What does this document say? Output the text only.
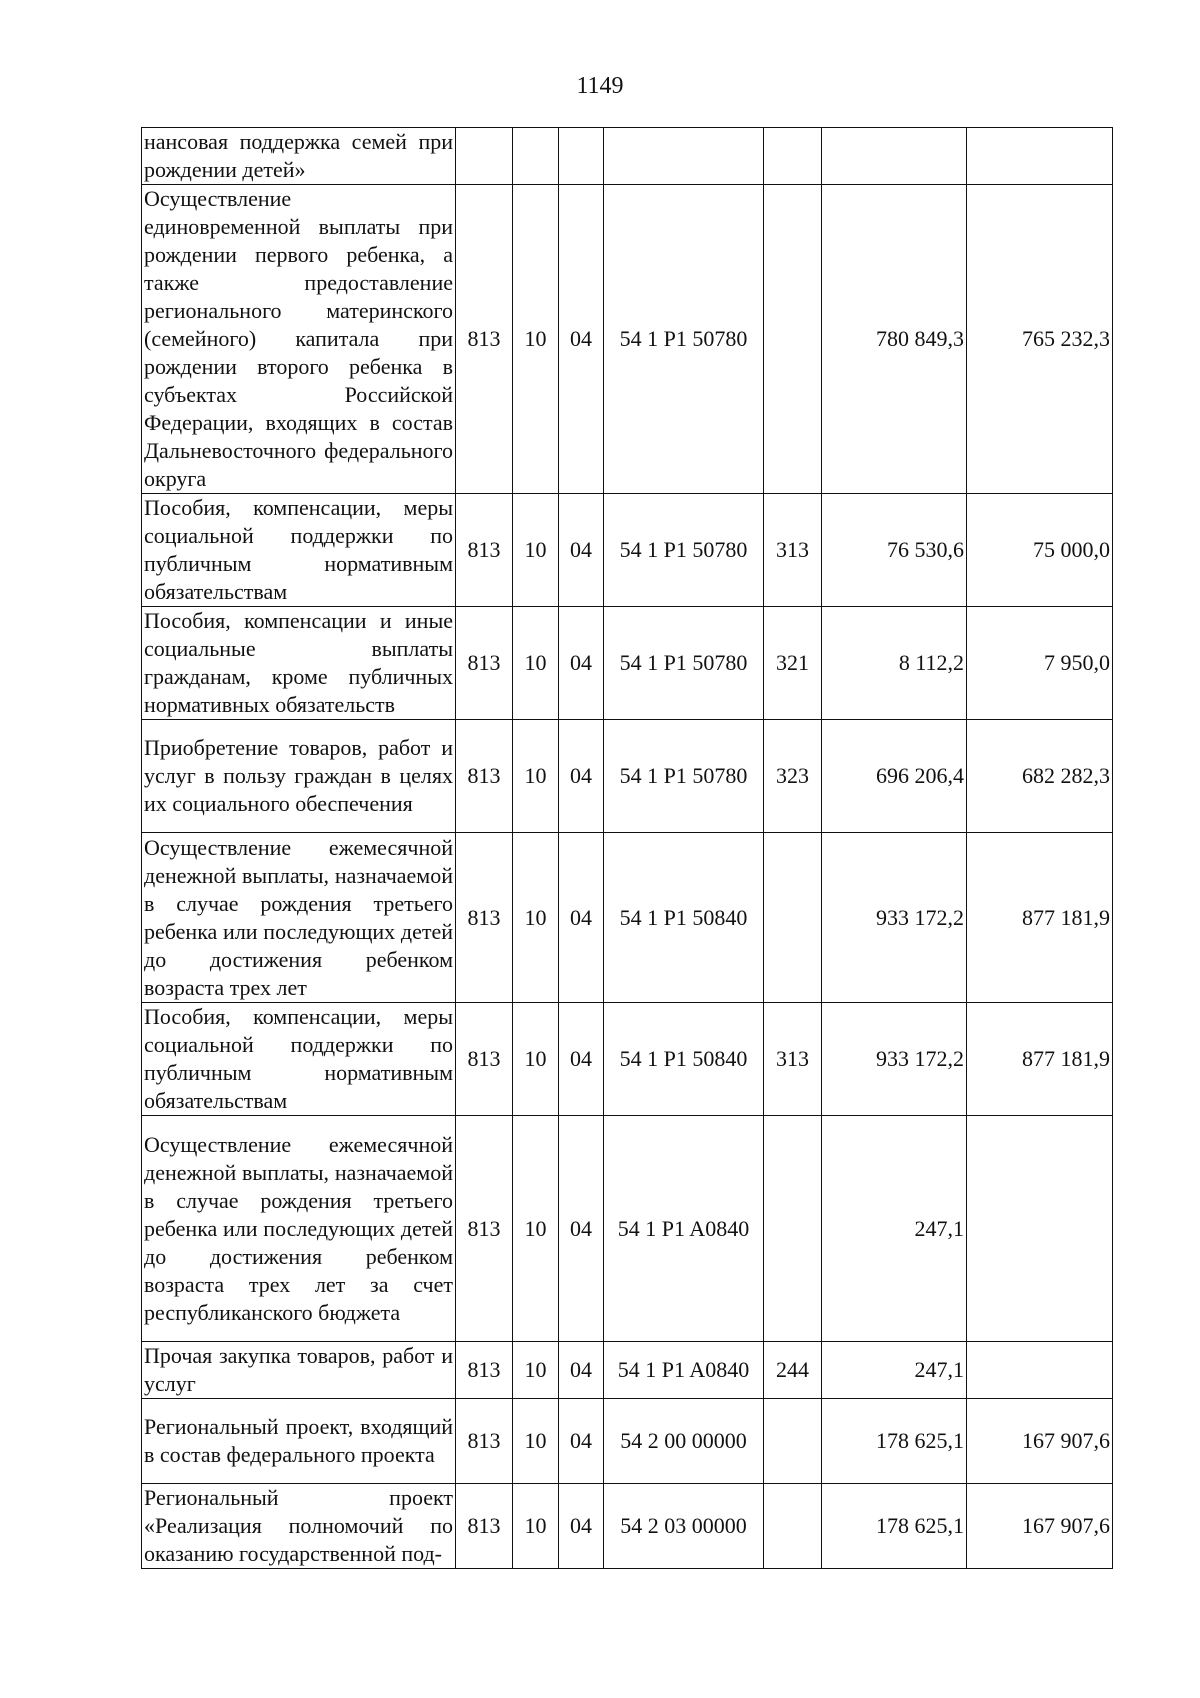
1149
нансовая поддержка семей при рождении детей»							
Осуществление единовременной выплаты при рождении первого ребенка, а также предоставление регионального материнского (семейного) капитала при рождении второго ребенка в субъектах Российской Федерации, входящих в состав Дальневосточного федерального округа	813	10	04	54 1 P1 50780		780 849,3	765 232,3
Пособия, компенсации, меры социальной поддержки по публичным нормативным обязательствам	813	10	04	54 1 P1 50780	313	76 530,6	75 000,0
Пособия, компенсации и иные социальные выплаты гражданам, кроме публичных нормативных обязательств	813	10	04	54 1 P1 50780	321	8 112,2	7 950,0
Приобретение товаров, работ и услуг в пользу граждан в целях их социального обеспечения	813	10	04	54 1 P1 50780	323	696 206,4	682 282,3
Осуществление ежемесячной денежной выплаты, назначаемой в случае рождения третьего ребенка или последующих детей до достижения ребенком возраста трех лет	813	10	04	54 1 P1 50840		933 172,2	877 181,9
Пособия, компенсации, меры социальной поддержки по публичным нормативным обязательствам	813	10	04	54 1 P1 50840	313	933 172,2	877 181,9
Осуществление ежемесячной денежной выплаты, назначаемой в случае рождения третьего ребенка или последующих детей до достижения ребенком возраста трех лет за счет республиканского бюджета	813	10	04	54 1 P1 A0840		247,1	
Прочая закупка товаров, работ и услуг	813	10	04	54 1 P1 A0840	244	247,1	
Региональный проект, входящий в состав федерального проекта	813	10	04	54 2 00 00000		178 625,1	167 907,6
Региональный проект «Реализация полномочий по оказанию государственной под-	813	10	04	54 2 03 00000		178 625,1	167 907,6
